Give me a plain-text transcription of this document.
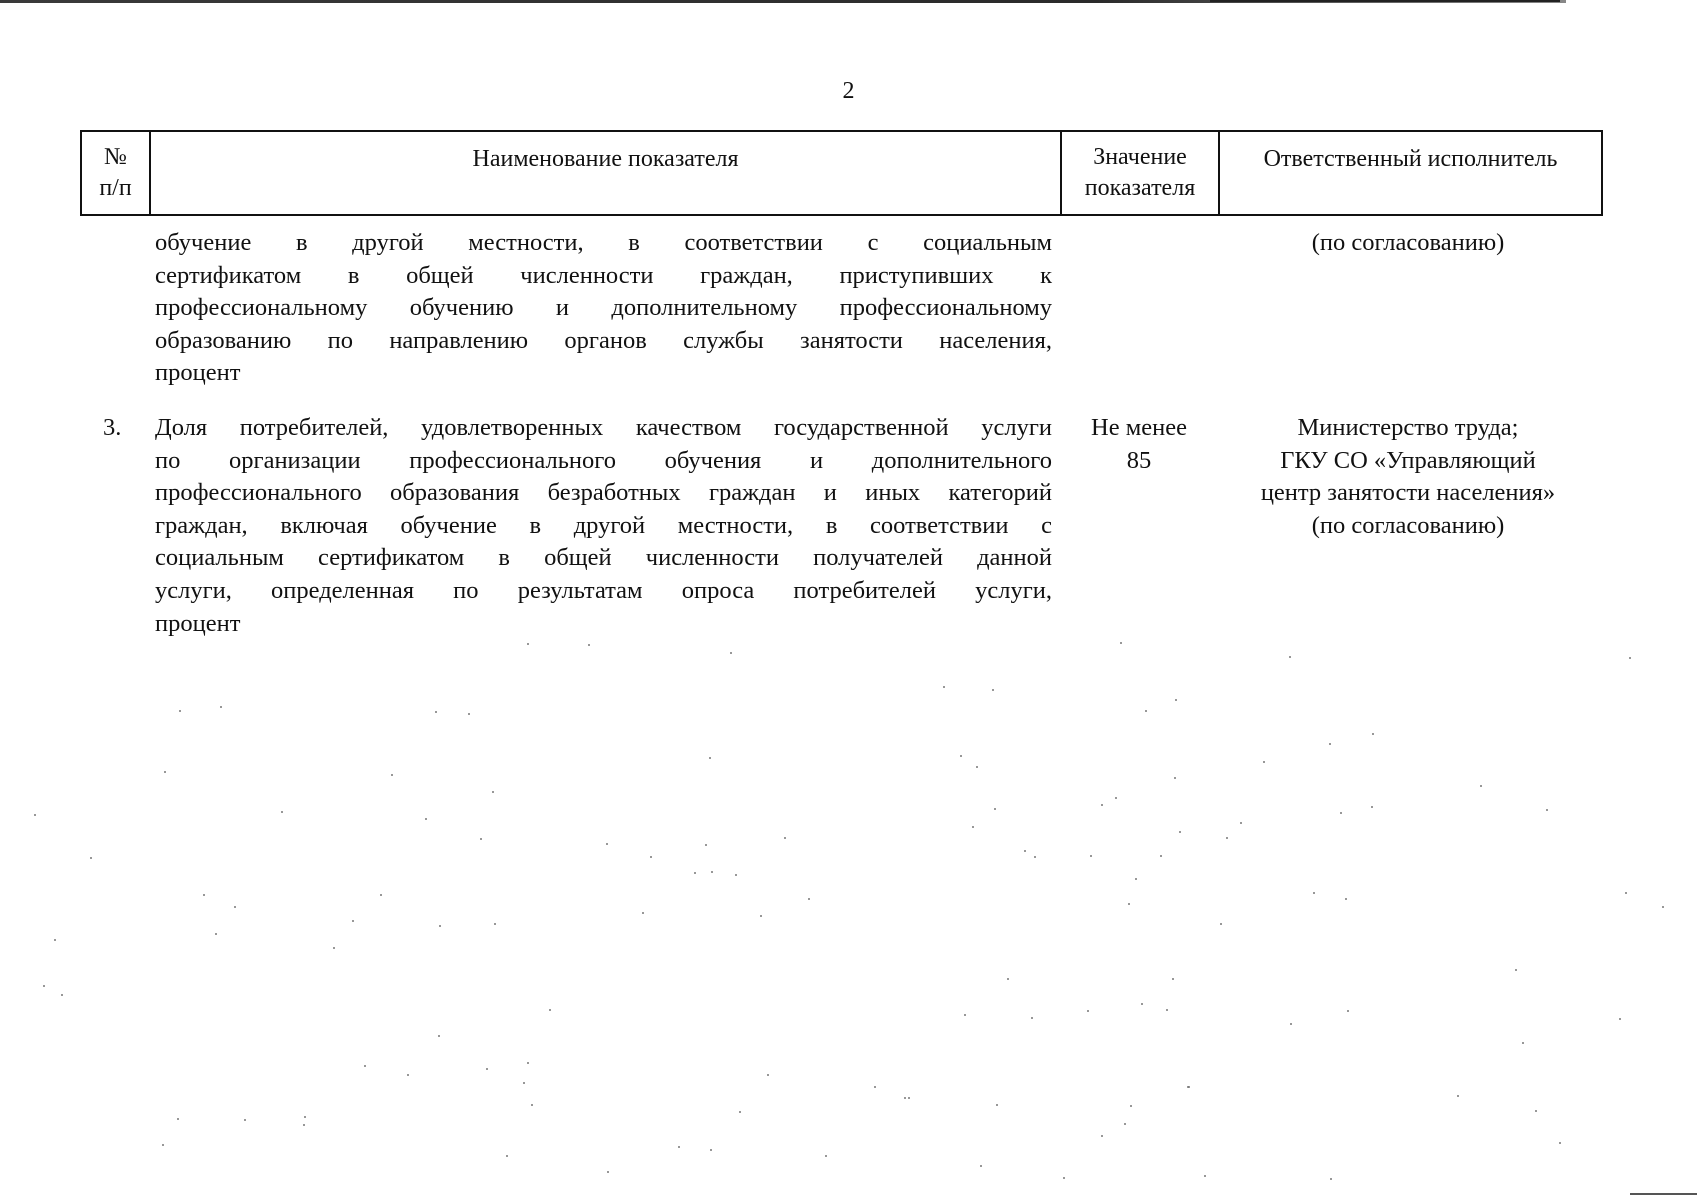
2
№ п/п
Наименование показателя	Значение показателя
Ответственный исполнитель
обучение в другой местности, в соответствии с социальным
сертификатом в общей численности граждан, приступивших к
профессиональному обучению и дополнительному профессиональному
образованию по направлению органов службы занятости населения,
процент
(по согласованию)
3.	Доля потребителей, удовлетворенных качеством государственной услуги
по организации профессионального обучения и дополнительного
профессионального образования безработных граждан и иных категорий
граждан, включая обучение в другой местности, в соответствии с
социальным сертификатом в общей численности получателей данной
услуги, определенная по результатам опроса потребителей услуги,
процент
Не менее
85
Министерство труда;
ГКУ СО «Управляющий
центр занятости населения»
(по согласованию)
